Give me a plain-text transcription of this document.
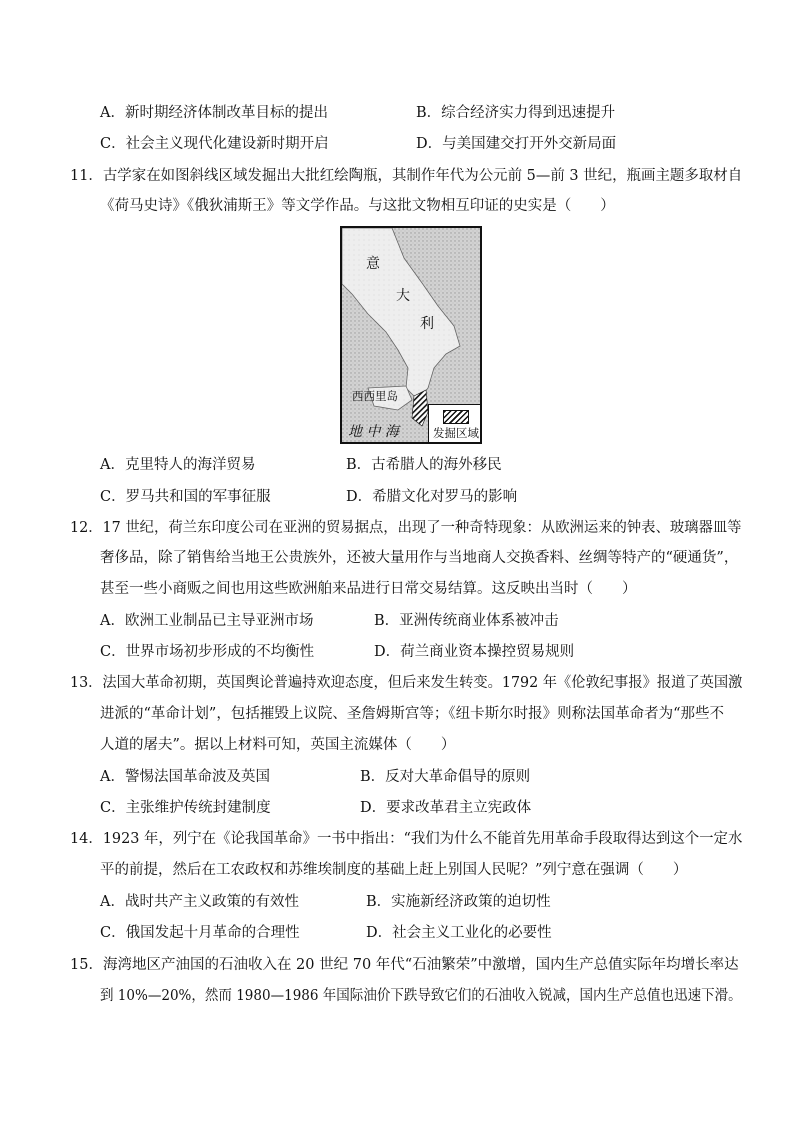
A．新时期经济体制改革目标的提出	B．综合经济实力得到迅速提升
C．社会主义现代化建设新时期开启	D．与美国建交打开外交新局面
11．古学家在如图斜线区域发掘出大批红绘陶瓶，其制作年代为公元前 5—前 3 世纪，瓶画主题多取材自
《荷马史诗》《俄狄浦斯王》等文学作品。与这批文物相互印证的史实是（　　）
意
大
利
西西里岛
地 中 海	发掘区域
A．克里特人的海洋贸易	B．古希腊人的海外移民
C．罗马共和国的军事征服	D．希腊文化对罗马的影响
12．17 世纪，荷兰东印度公司在亚洲的贸易据点，出现了一种奇特现象：从欧洲运来的钟表、玻璃器皿等
奢侈品，除了销售给当地王公贵族外，还被大量用作与当地商人交换香料、丝绸等特产的“硬通货”，
甚至一些小商贩之间也用这些欧洲舶来品进行日常交易结算。这反映出当时（　　）
A．欧洲工业制品已主导亚洲市场	B．亚洲传统商业体系被冲击
C．世界市场初步形成的不均衡性	D．荷兰商业资本操控贸易规则
13．法国大革命初期，英国舆论普遍持欢迎态度，但后来发生转变。1792 年《伦敦纪事报》报道了英国激
进派的“革命计划”，包括摧毁上议院、圣詹姆斯宫等；《纽卡斯尔时报》则称法国革命者为“那些不
人道的屠夫”。据以上材料可知，英国主流媒体（　　）
A．警惕法国革命波及英国	B．反对大革命倡导的原则
C．主张维护传统封建制度	D．要求改革君主立宪政体
14．1923 年，列宁在《论我国革命》一书中指出：“我们为什么不能首先用革命手段取得达到这个一定水
平的前提，然后在工农政权和苏维埃制度的基础上赶上别国人民呢？”列宁意在强调（　　）
A．战时共产主义政策的有效性	B．实施新经济政策的迫切性
C．俄国发起十月革命的合理性	D．社会主义工业化的必要性
15．海湾地区产油国的石油收入在 20 世纪 70 年代“石油繁荣”中激增，国内生产总值实际年均增长率达
到 10%—20%，然而 1980—1986 年国际油价下跌导致它们的石油收入锐减，国内生产总值也迅速下滑。
